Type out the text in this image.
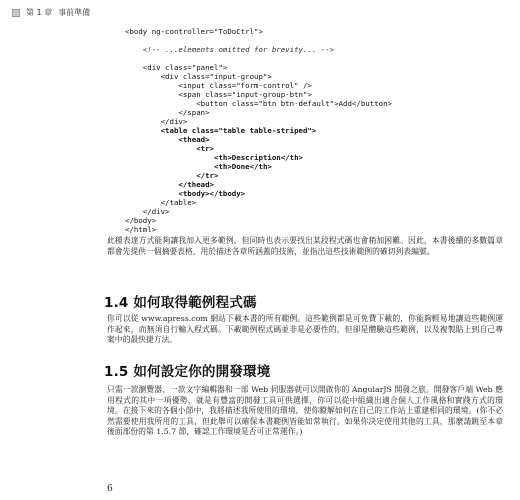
第 1 章 事前準備
<body ng-controller="ToDoCtrl">
<!-- ...elements omitted for brevity... -->
<div class="panel">
<div class="input-group">
<input class="form-control" />
<span class="input-group-btn">
<button class="btn btn-default">Add</button>
</span>
</div>
<table class="table table-striped">
<thead>
<tr>
<th>Description</th>
<th>Done</th>
</tr>
</thead>
<tbody></tbody>
</table>
</div>
</body>
</html>

此種表達方式能夠讓我加入更多範例，但同時也表示要找出某段程式碼也會稍加困難。因此，本書後續的多數篇章都會先提供一個摘要表格，用於描述各章所涵蓋的技術，並指出這些技術範例的確切列表編號。

1.4 如何取得範例程式碼

你可以從 www.apress.com 網站下載本書的所有範例。這些範例都是可免費下載的，你能夠輕易地讓這些範例運作起來，而無須自行輸入程式碼。下載範例程式碼並非是必要性的，但卻是體驗這些範例，以及複製貼上到自己專案中的最快捷方法。

1.5 如何設定你的開發環境

只需一款瀏覽器、一款文字編輯器和一部 Web 伺服器就可以開啟你的 AngularJS 開發之旅。開發客戶端 Web 應用程式的其中一項優勢，就是有豐富的開發工具可供選擇，你可以從中組織出適合個人工作風格和實踐方式的環境。在接下來的各個小節中，我將描述我所使用的環境，使你瞭解如何在自己的工作站上重建相同的環境。(你不必然需要使用我所用的工具，但此舉可以確保本書範例皆能如常執行。如果你決定使用其他的工具，那麼請跳至本章後面部份的第 1.5.7 節，確認工作環境是否可正常運作。)

6
